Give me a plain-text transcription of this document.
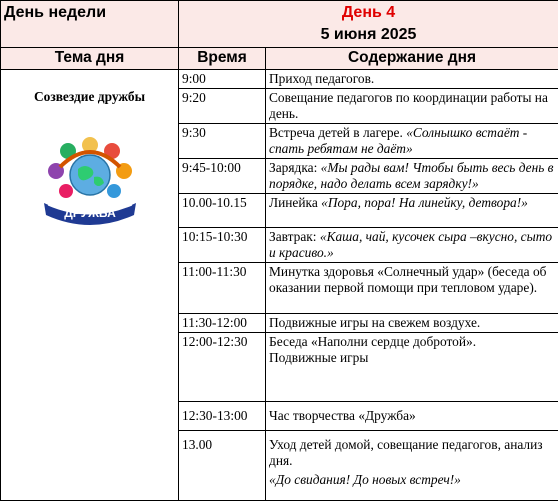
День недели	День 4
5 июня 2025	

Тема дня	Время	Содержание дня

Созвездие дружбы
ДРУЖБА	9:00	Приход педагогов.
	9:20	Совещание педагогов по координации работы на день.
	9:30	Встреча детей в лагере. «Солнышко встаёт - спать ребятам не даёт»
	9:45-10:00	Зарядка: «Мы рады вам! Чтобы быть весь день в порядке, надо делать всем зарядку!»
	10.00-10.15	Линейка «Пора, пора! На линейку, детвора!»
	10:15-10:30	Завтрак: «Каша, чай, кусочек сыра –вкусно, сыто и красиво.»
	11:00-11:30	Минутка здоровья «Солнечный удар» (беседа об оказании первой помощи при тепловом ударе).
	11:30-12:00	Подвижные игры на свежем воздухе.
	12:00-12:30	Беседа «Наполни сердце добротой».
Подвижные игры

	12:30-13:00	Час творчества «Дружба»
	13.00	Уход детей домой, совещание педагогов, анализ дня.
«До свидания! До новых встреч!»
